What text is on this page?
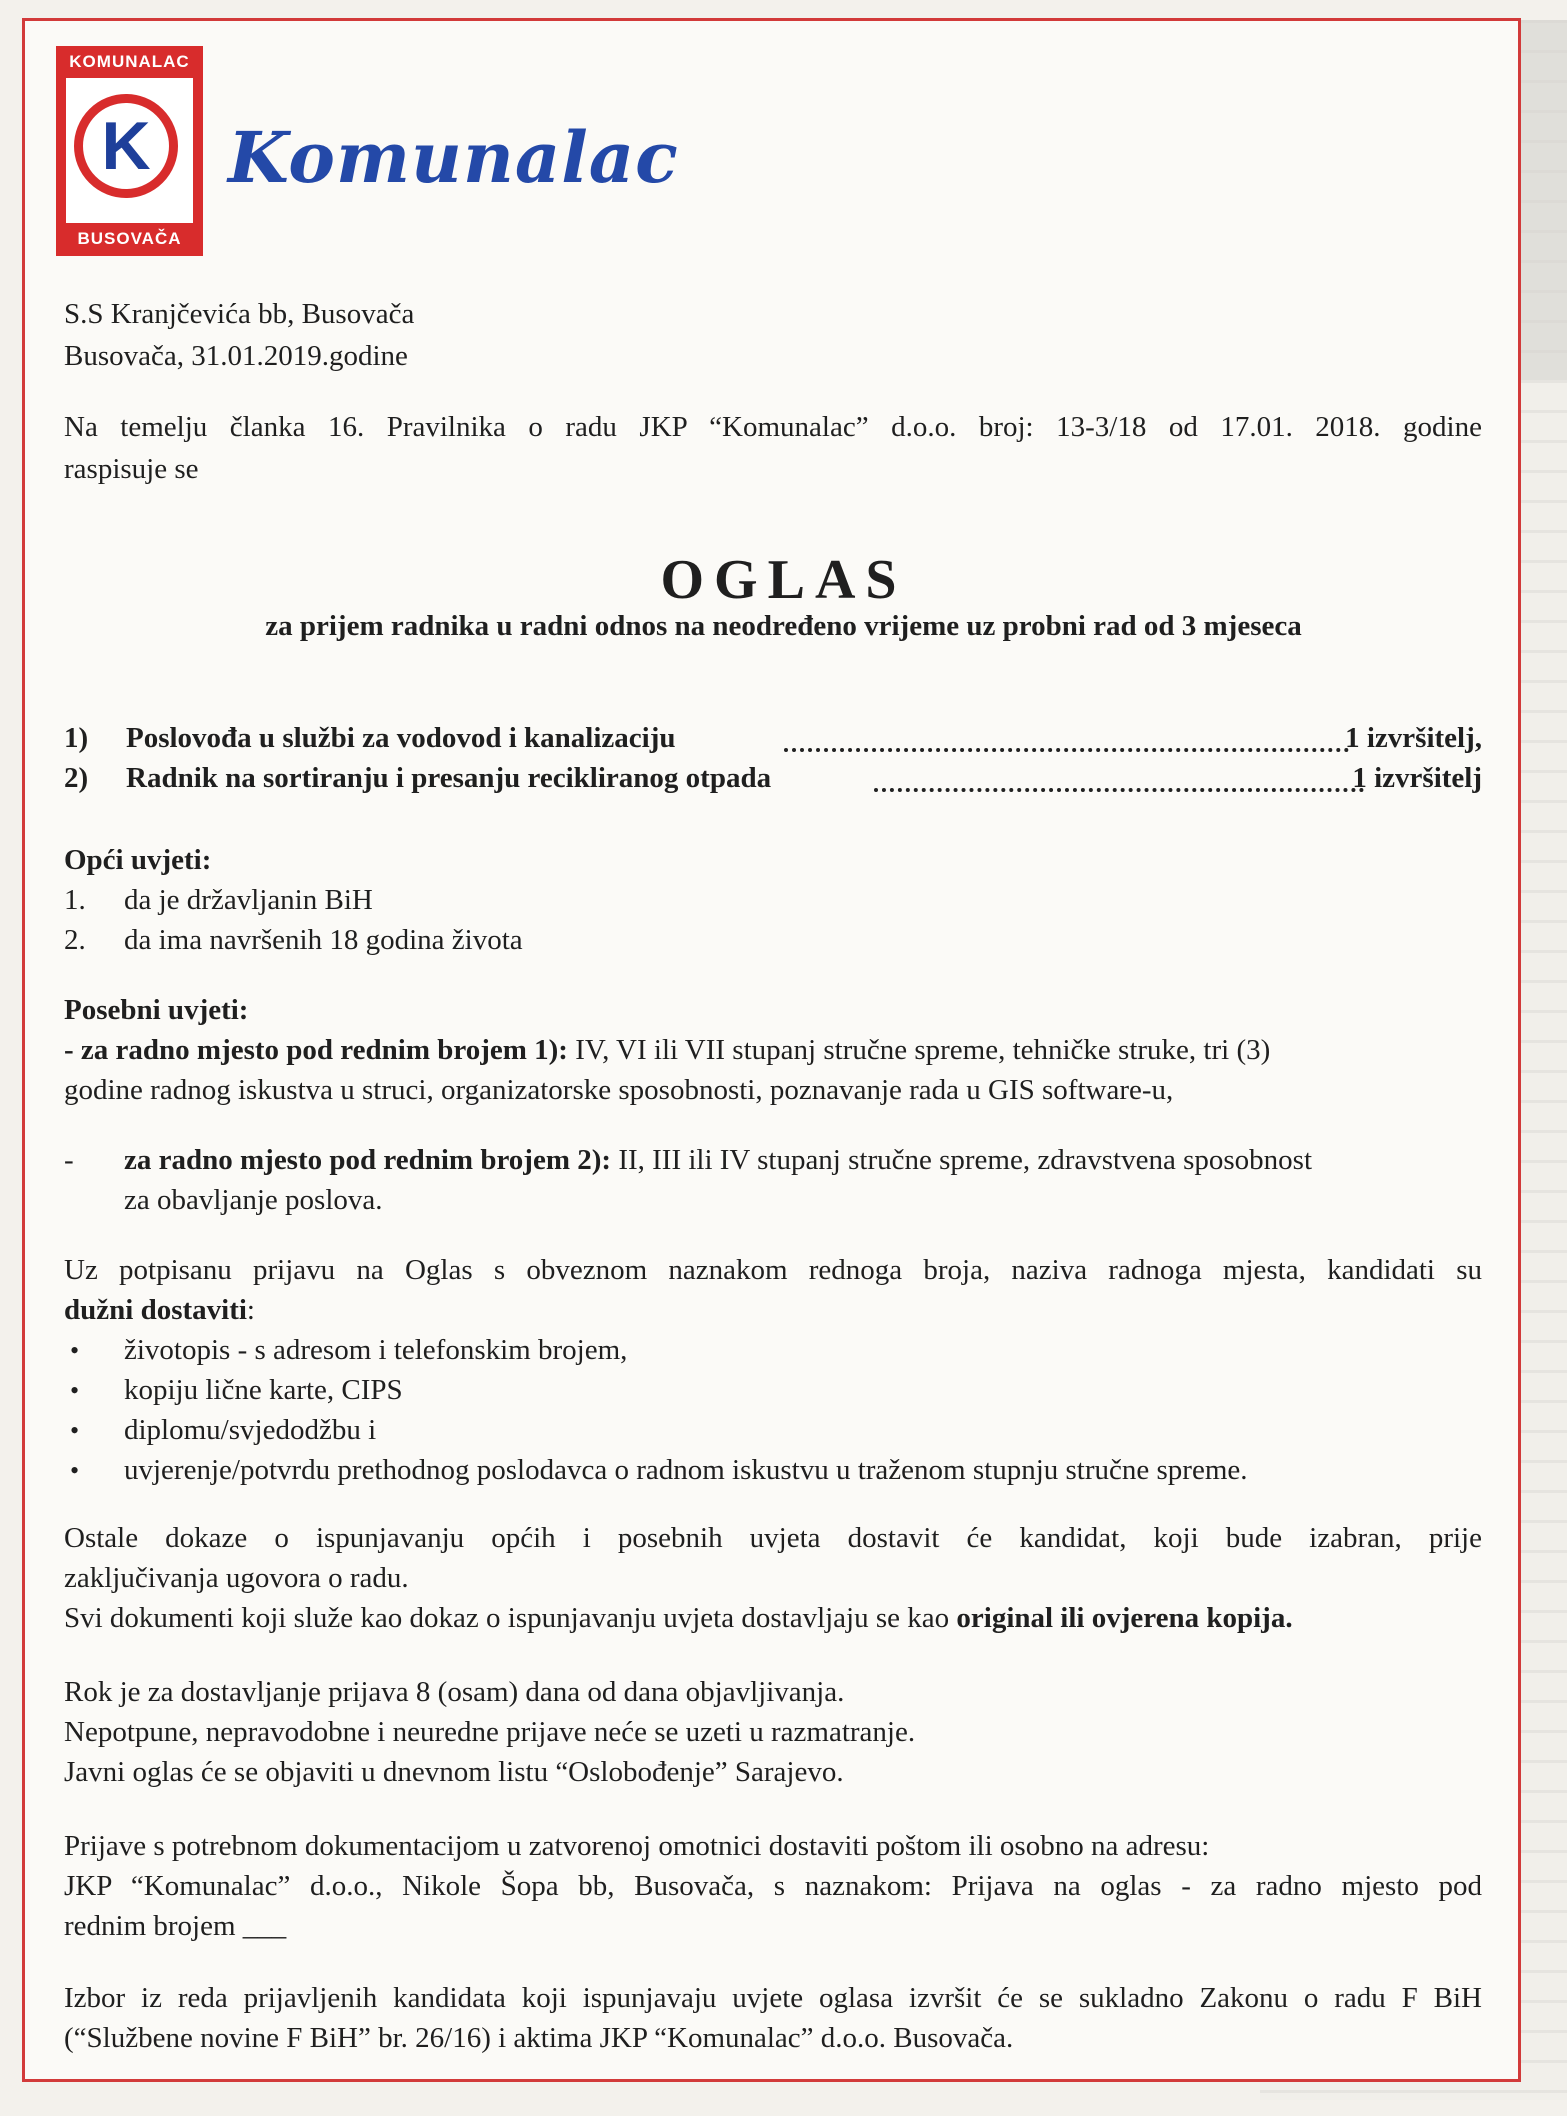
KOMUNALAC
K
BUSOVAČA
Komunalac
S.S Kranjčevića bb, Busovača
Busovača, 31.01.2019.godine
Na temelju članka 16. Pravilnika o radu JKP “Komunalac” d.o.o. broj: 13-3/18 od 17.01. 2018. godine
raspisuje se
OGLAS
za prijem radnika u radni odnos na neodređeno vrijeme uz probni rad od 3 mjeseca
1) Poslovođa u službi za vodovod i kanalizaciju	1 izvršitelj,
2) Radnik na sortiranju i presanju recikliranog otpada	1 izvršitelj
Opći uvjeti:
1. da je državljanin BiH
2. da ima navršenih 18 godina života
Posebni uvjeti:
- za radno mjesto pod rednim brojem 1): IV, VI ili VII stupanj stručne spreme, tehničke struke, tri (3)
godine radnog iskustva u struci, organizatorske sposobnosti, poznavanje rada u GIS software-u,
- za radno mjesto pod rednim brojem 2): II, III ili IV stupanj stručne spreme, zdravstvena sposobnost
za obavljanje poslova.
Uz potpisanu prijavu na Oglas s obveznom naznakom rednoga broja, naziva radnoga mjesta, kandidati su
dužni dostaviti:
• životopis - s adresom i telefonskim brojem,
• kopiju lične karte, CIPS
• diplomu/svjedodžbu i
• uvjerenje/potvrdu prethodnog poslodavca o radnom iskustvu u traženom stupnju stručne spreme.
Ostale dokaze o ispunjavanju općih i posebnih uvjeta dostavit će kandidat, koji bude izabran, prije
zaključivanja ugovora o radu.
Svi dokumenti koji služe kao dokaz o ispunjavanju uvjeta dostavljaju se kao original ili ovjerena kopija.
Rok je za dostavljanje prijava 8 (osam) dana od dana objavljivanja.
Nepotpune, nepravodobne i neuredne prijave neće se uzeti u razmatranje.
Javni oglas će se objaviti u dnevnom listu “Oslobođenje” Sarajevo.
Prijave s potrebnom dokumentacijom u zatvorenoj omotnici dostaviti poštom ili osobno na adresu:
JKP “Komunalac” d.o.o., Nikole Šopa bb, Busovača, s naznakom: Prijava na oglas - za radno mjesto pod
rednim brojem ___
Izbor iz reda prijavljenih kandidata koji ispunjavaju uvjete oglasa izvršit će se sukladno Zakonu o radu F BiH
(“Službene novine F BiH” br. 26/16) i aktima JKP “Komunalac” d.o.o. Busovača.
